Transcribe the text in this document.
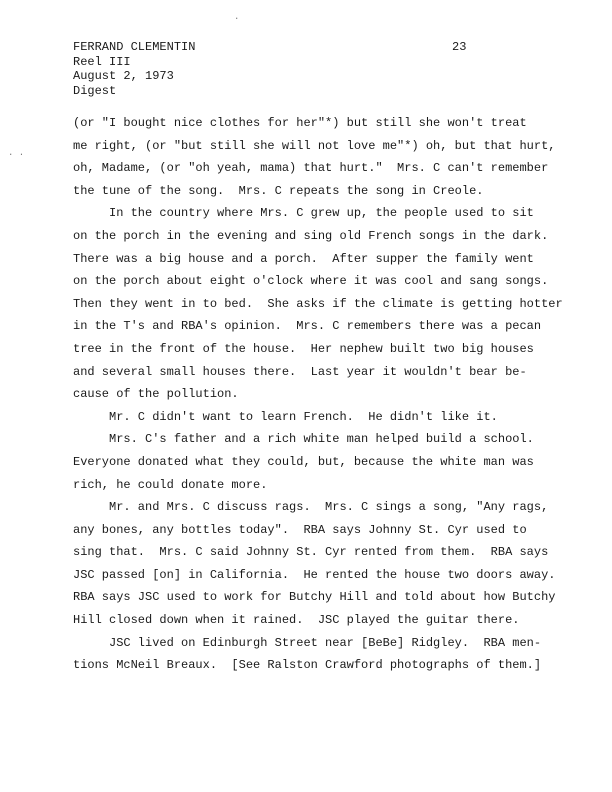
FERRAND CLEMENTIN
Reel III
August 2, 1973
Digest
23
· ·
·
(or "I bought nice clothes for her"*) but still she won't treat
me right, (or "but still she will not love me"*) oh, but that hurt,
oh, Madame, (or "oh yeah, mama) that hurt."  Mrs. C can't remember
the tune of the song.  Mrs. C repeats the song in Creole.
In the country where Mrs. C grew up, the people used to sit
on the porch in the evening and sing old French songs in the dark.
There was a big house and a porch.  After supper the family went
on the porch about eight o'clock where it was cool and sang songs.
Then they went in to bed.  She asks if the climate is getting hotter
in the T's and RBA's opinion.  Mrs. C remembers there was a pecan
tree in the front of the house.  Her nephew built two big houses
and several small houses there.  Last year it wouldn't bear be-
cause of the pollution.
Mr. C didn't want to learn French.  He didn't like it.
Mrs. C's father and a rich white man helped build a school.
Everyone donated what they could, but, because the white man was
rich, he could donate more.
Mr. and Mrs. C discuss rags.  Mrs. C sings a song, "Any rags,
any bones, any bottles today".  RBA says Johnny St. Cyr used to
sing that.  Mrs. C said Johnny St. Cyr rented from them.  RBA says
JSC passed [on] in California.  He rented the house two doors away.
RBA says JSC used to work for Butchy Hill and told about how Butchy
Hill closed down when it rained.  JSC played the guitar there.
JSC lived on Edinburgh Street near [BeBe] Ridgley.  RBA men-
tions McNeil Breaux.  [See Ralston Crawford photographs of them.]
